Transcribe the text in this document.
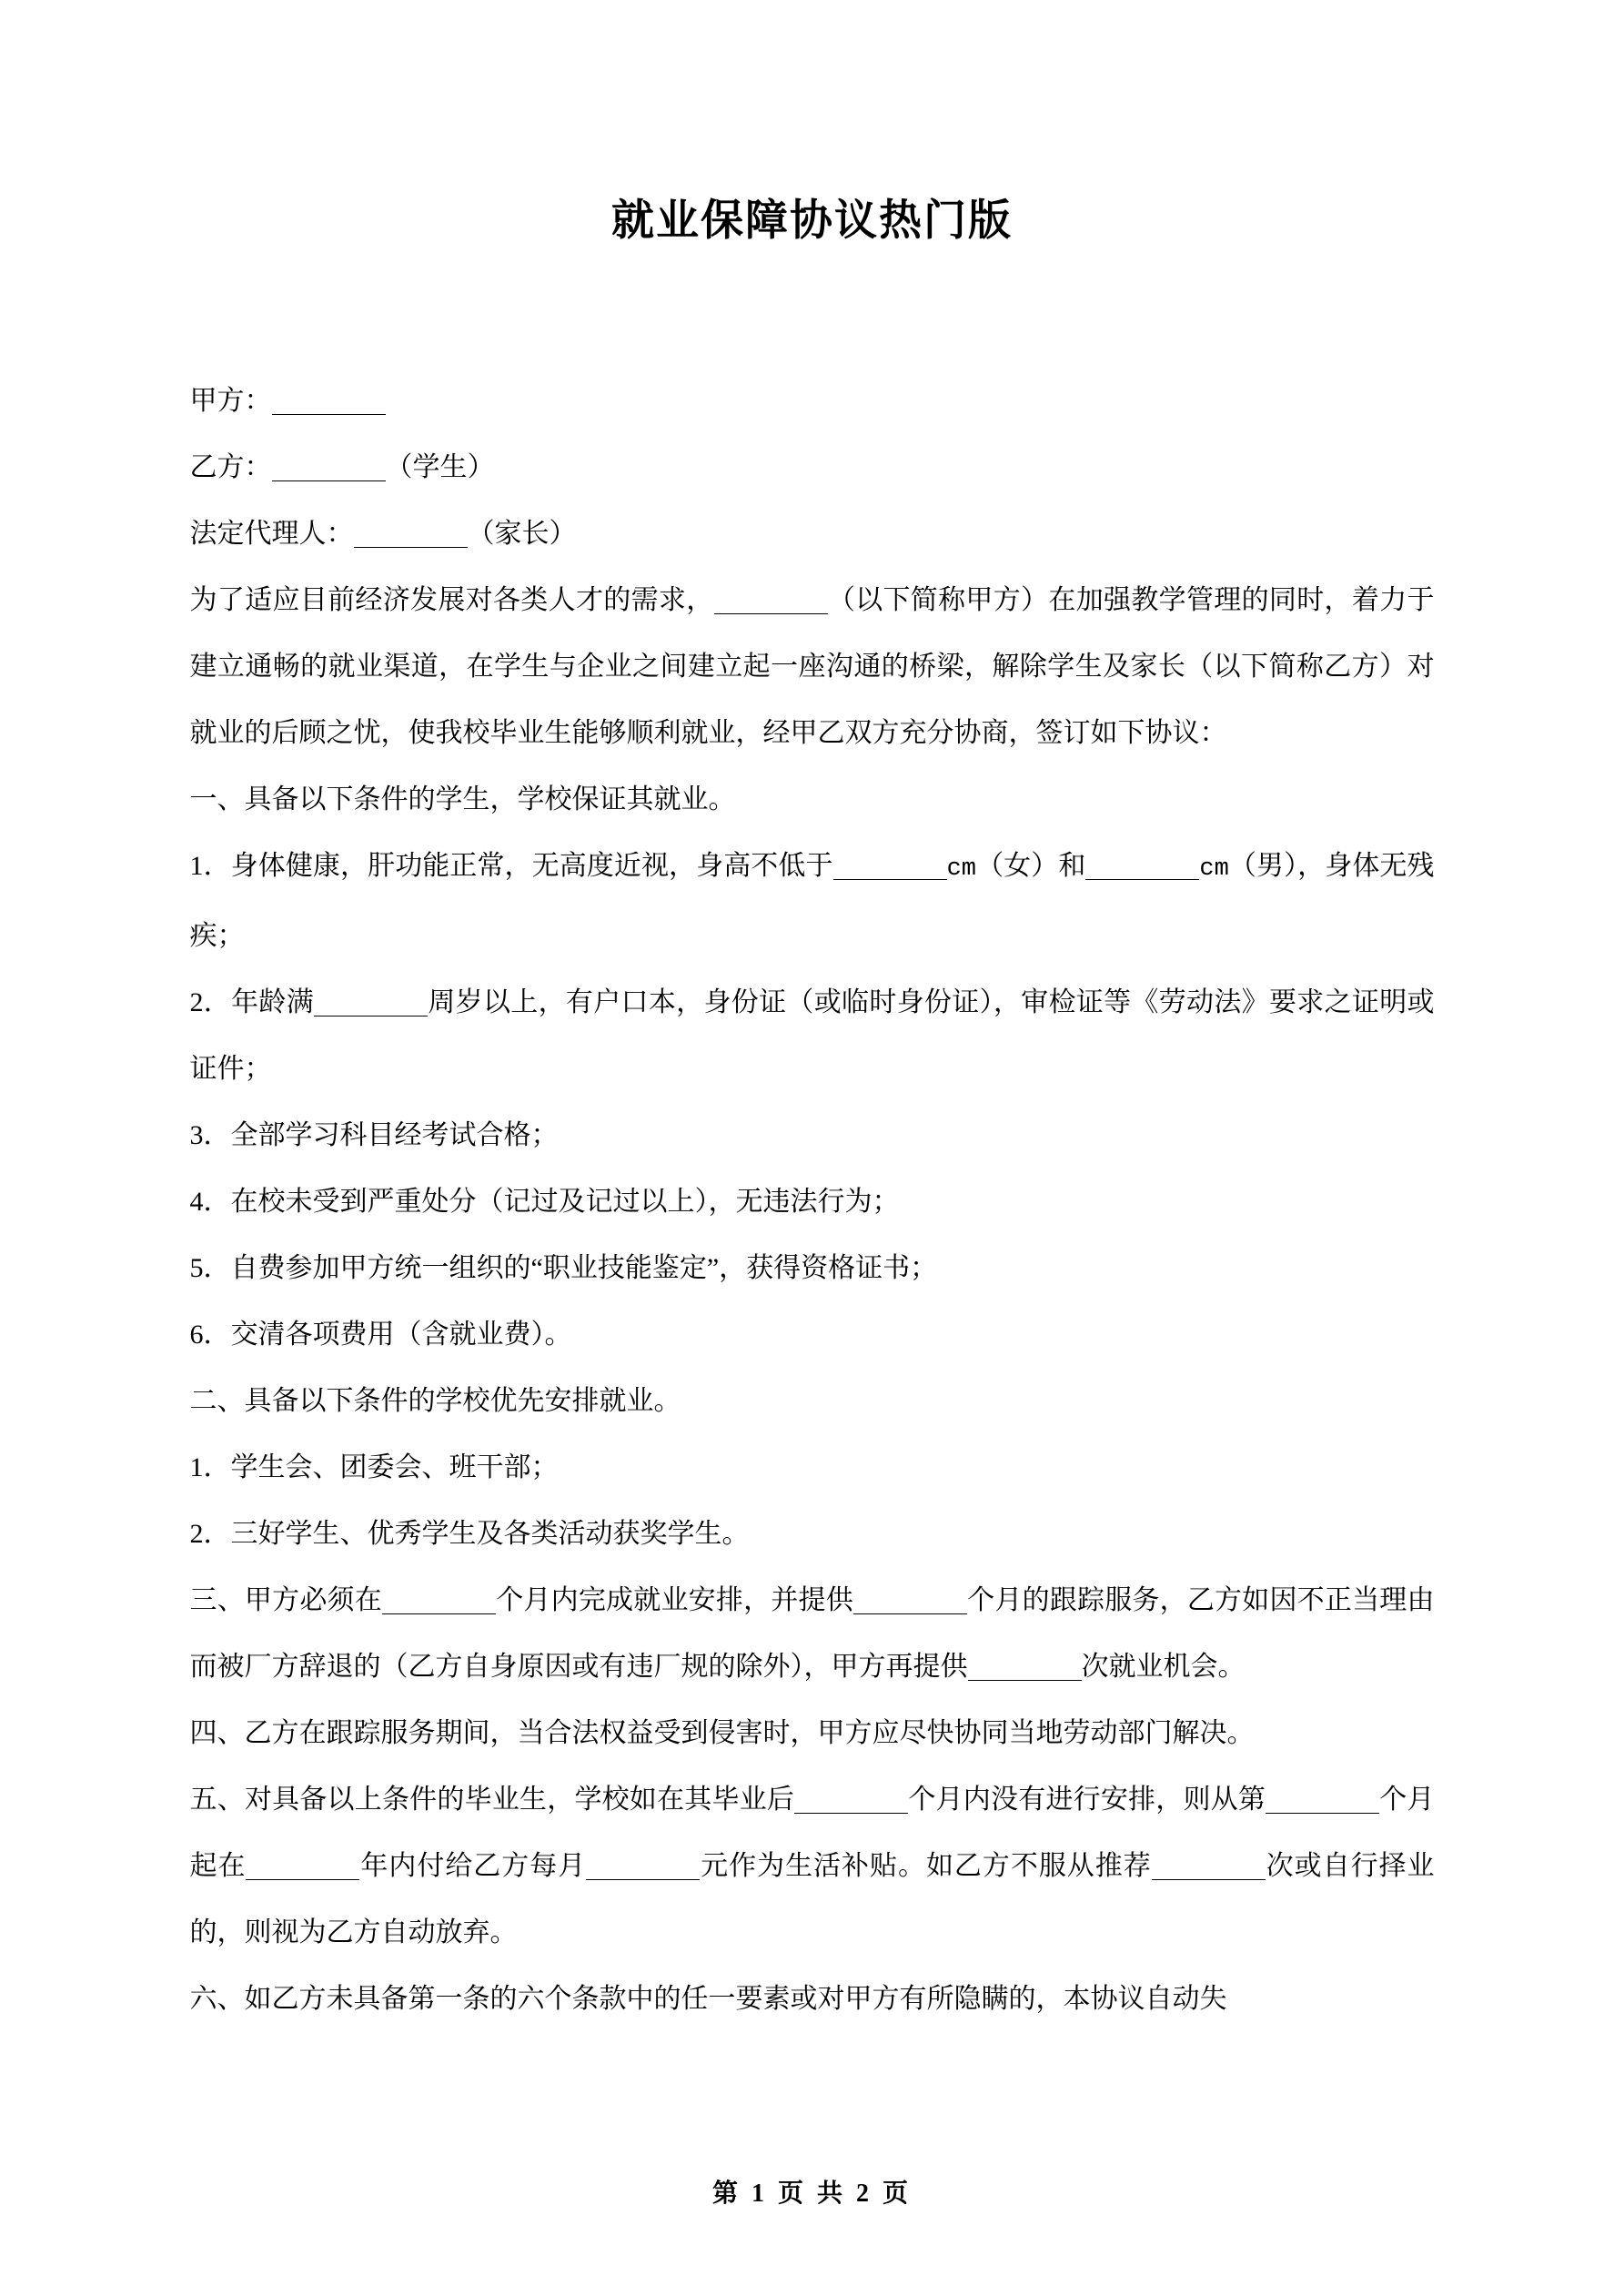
就业保障协议热门版

甲方：

乙方：	（学生）

法定代理人：	（家长）

为了适应目前经济发展对各类人才的需求，	（以下简称甲方）在加强教学管理的同时，着力于建立通畅的就业渠道，在学生与企业之间建立起一座沟通的桥梁，解除学生及家长（以下简称乙方）对就业的后顾之忧，使我校毕业生能够顺利就业，经甲乙双方充分协商，签订如下协议：

一、具备以下条件的学生，学校保证其就业。

1．身体健康，肝功能正常，无高度近视，身高不低于	cm（女）和	cm（男），身体无残疾；

2．年龄满	周岁以上，有户口本，身份证（或临时身份证），审检证等《劳动法》要求之证明或证件；

3．全部学习科目经考试合格；

4．在校未受到严重处分（记过及记过以上），无违法行为；

5．自费参加甲方统一组织的“职业技能鉴定”，获得资格证书；

6．交清各项费用（含就业费）。

二、具备以下条件的学校优先安排就业。

1．学生会、团委会、班干部；

2．三好学生、优秀学生及各类活动获奖学生。

三、甲方必须在	个月内完成就业安排，并提供	个月的跟踪服务，乙方如因不正当理由而被厂方辞退的（乙方自身原因或有违厂规的除外），甲方再提供	次就业机会。

四、乙方在跟踪服务期间，当合法权益受到侵害时，甲方应尽快协同当地劳动部门解决。

五、对具备以上条件的毕业生，学校如在其毕业后	个月内没有进行安排，则从第	个月起在	年内付给乙方每月	元作为生活补贴。如乙方不服从推荐	次或自行择业的，则视为乙方自动放弃。

六、如乙方未具备第一条的六个条款中的任一要素或对甲方有所隐瞒的，本协议自动失

第 1 页 共 2 页
